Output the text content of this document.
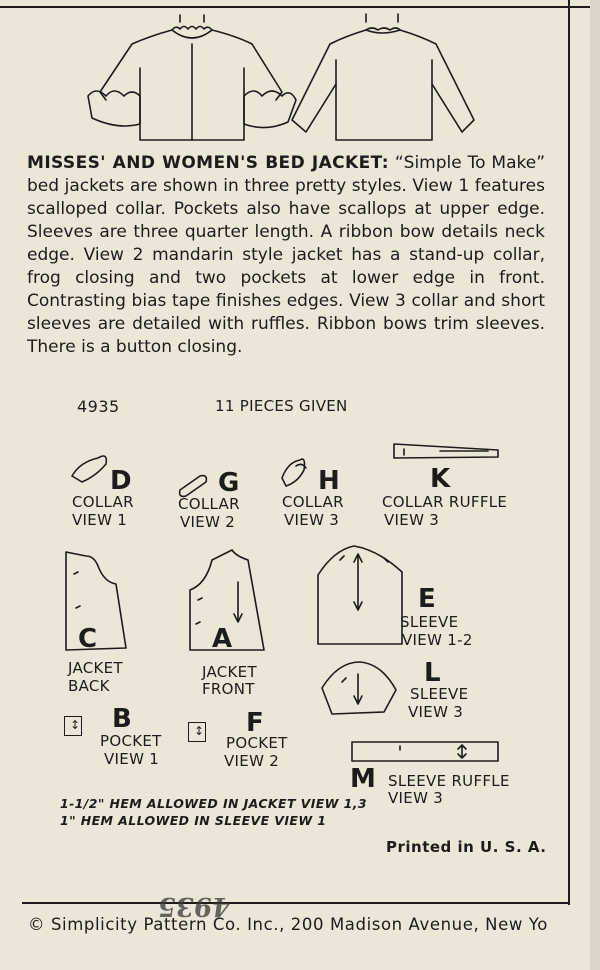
MISSES' AND WOMEN'S BED JACKET: “Simple To Make” bed jackets are shown in three pretty styles. View 1 features scalloped collar. Pockets also have scallops at upper edge. Sleeves are three quarter length. A ribbon bow details neck edge. View 2 mandarin style jacket has a stand-up collar, frog closing and two pockets at lower edge in front. Contrasting bias tape finishes edges. View 3 collar and short sleeves are detailed with ruffles. Ribbon bows trim sleeves. There is a button closing.
4935	11 PIECES GIVEN
D
COLLAR
VIEW 1
G
COLLAR
VIEW 2
H
COLLAR
VIEW 3
K
COLLAR RUFFLE
VIEW 3
C
JACKET
BACK
A
JACKET
FRONT
E
SLEEVE
VIEW 1-2
L
SLEEVE
VIEW 3
↕ B
POCKET
VIEW 1
↕ F
POCKET
VIEW 2
M SLEEVE RUFFLE
VIEW 3
1-1/2" HEM ALLOWED IN JACKET VIEW 1,3
1" HEM ALLOWED IN SLEEVE VIEW 1
Printed in U. S. A.
4935
© Simplicity Pattern Co. Inc., 200 Madison Avenue, New Yo
